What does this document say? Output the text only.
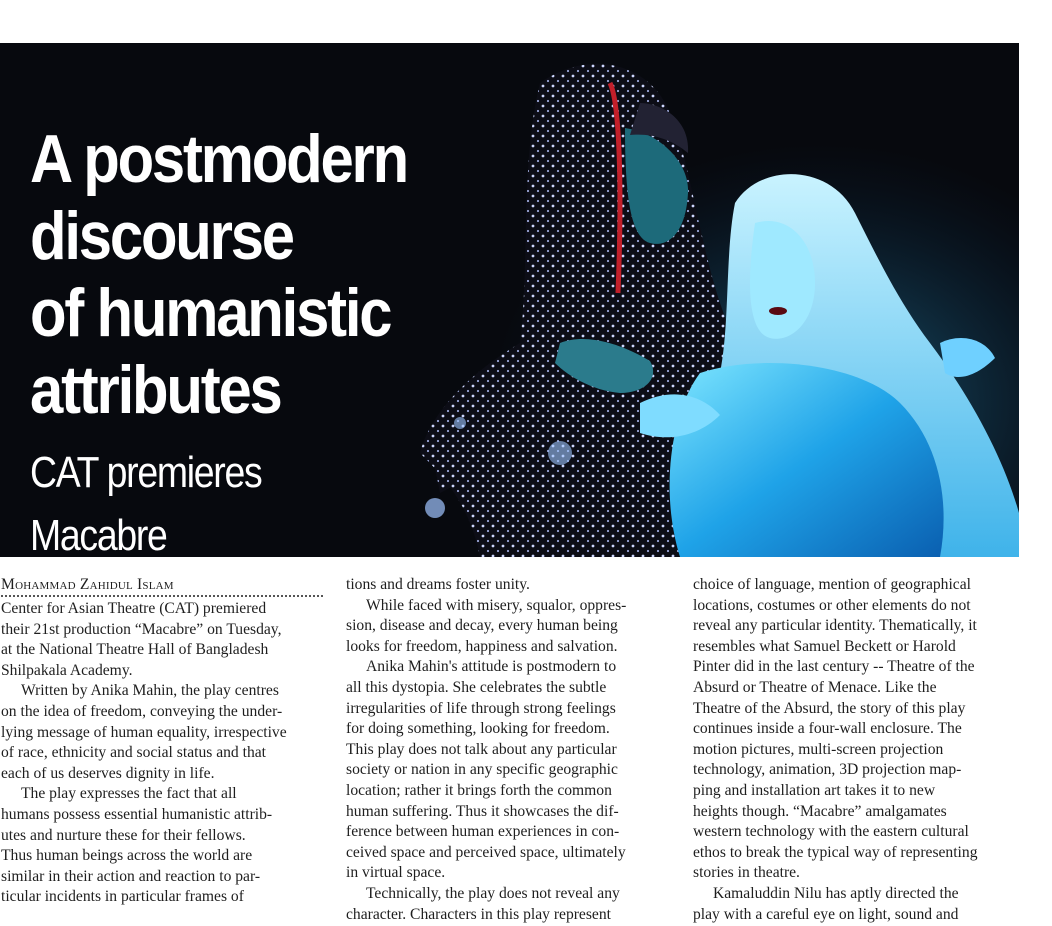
A postmodern
discourse
of humanistic
attributes
CAT premieres
Macabre
Mohammad Zahidul Islam
Center for Asian Theatre (CAT) premiered
their 21st production “Macabre” on Tuesday,
at the National Theatre Hall of Bangladesh
Shilpakala Academy.
Written by Anika Mahin, the play centres
on the idea of freedom, conveying the under-
lying message of human equality, irrespective
of race, ethnicity and social status and that
each of us deserves dignity in life.
The play expresses the fact that all
humans possess essential humanistic attrib-
utes and nurture these for their fellows.
Thus human beings across the world are
similar in their action and reaction to par-
ticular incidents in particular frames of
tions and dreams foster unity.
While faced with misery, squalor, oppres-
sion, disease and decay, every human being
looks for freedom, happiness and salvation.
Anika Mahin's attitude is postmodern to
all this dystopia. She celebrates the subtle
irregularities of life through strong feelings
for doing something, looking for freedom.
This play does not talk about any particular
society or nation in any specific geographic
location; rather it brings forth the common
human suffering. Thus it showcases the dif-
ference between human experiences in con-
ceived space and perceived space, ultimately
in virtual space.
Technically, the play does not reveal any
character. Characters in this play represent
choice of language, mention of geographical
locations, costumes or other elements do not
reveal any particular identity. Thematically, it
resembles what Samuel Beckett or Harold
Pinter did in the last century -- Theatre of the
Absurd or Theatre of Menace. Like the
Theatre of the Absurd, the story of this play
continues inside a four-wall enclosure. The
motion pictures, multi-screen projection
technology, animation, 3D projection map-
ping and installation art takes it to new
heights though. “Macabre” amalgamates
western technology with the eastern cultural
ethos to break the typical way of representing
stories in theatre.
Kamaluddin Nilu has aptly directed the
play with a careful eye on light, sound and
